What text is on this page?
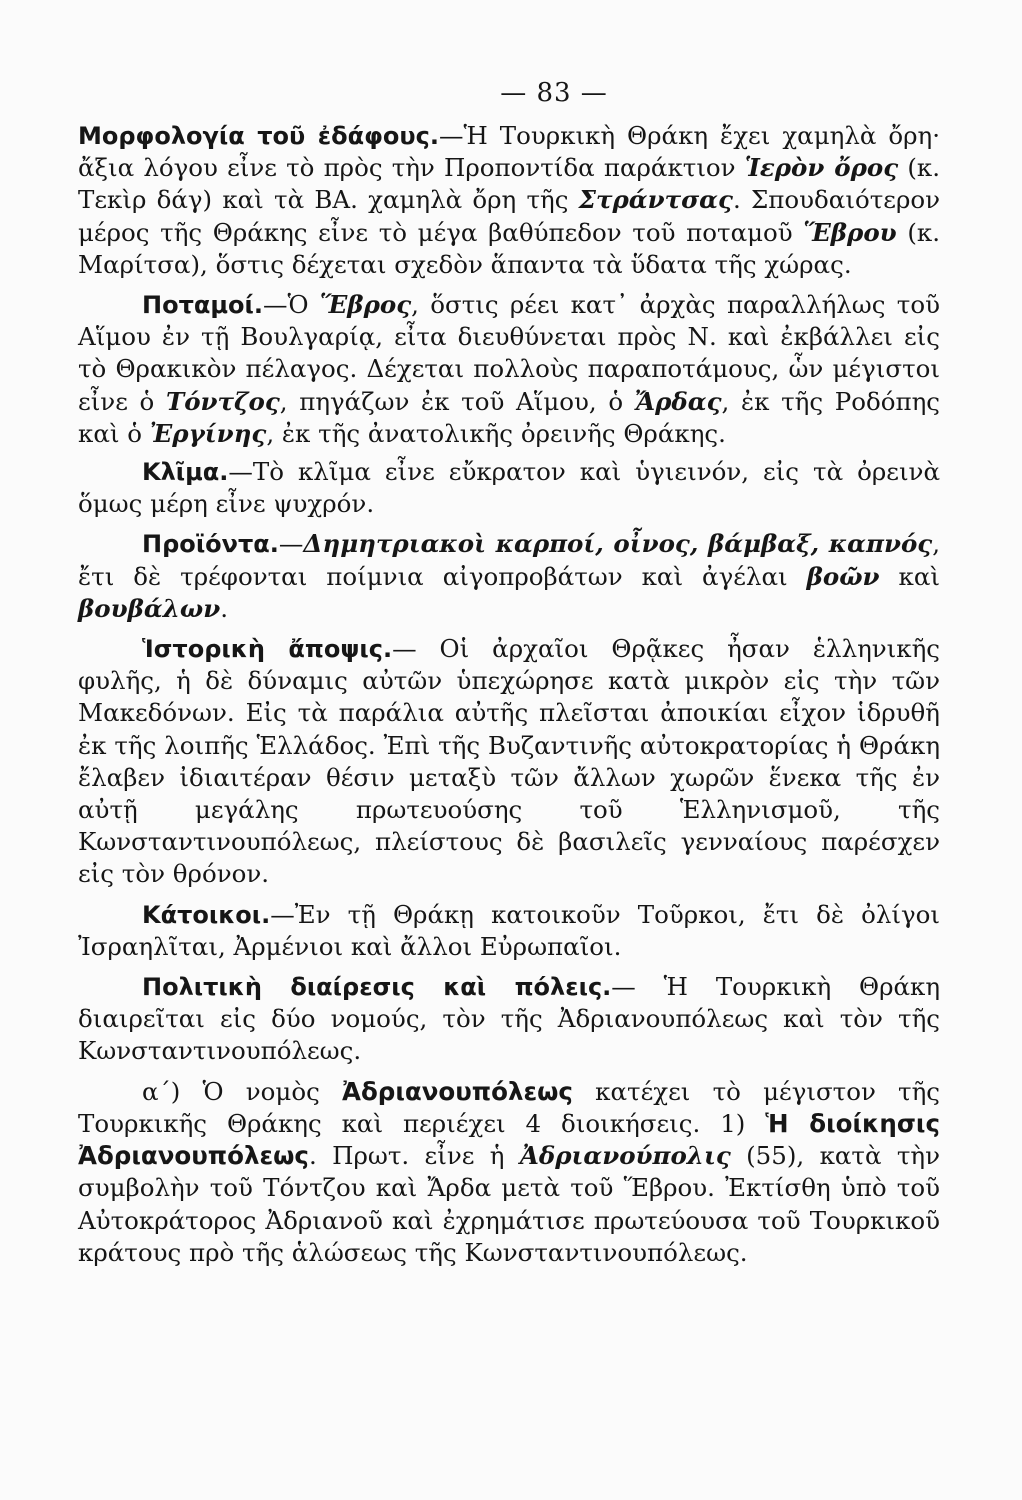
— 83 —

Μορφολογία τοῦ ἐδάφους.—Ἡ Τουρκικὴ Θράκη ἔχει χαμηλὰ ὄρη· ἄξια λόγου εἶνε τὸ πρὸς τὴν Προποντίδα παράκτιον Ἱερὸν ὄρος (κ. Τεκὶρ δάγ) καὶ τὰ ΒΑ. χαμηλὰ ὄρη τῆς Στράντσας. Σπουδαιότερον μέρος τῆς Θράκης εἶνε τὸ μέγα βαθύπεδον τοῦ ποταμοῦ Ἕβρου (κ. Μαρίτσα), ὅστις δέχεται σχεδὸν ἅπαντα τὰ ὕδατα τῆς χώρας.

Ποταμοί.—Ὁ Ἕβρος, ὅστις ρέει κατ᾽ ἀρχὰς παραλλήλως τοῦ Αἵμου ἐν τῇ Βουλγαρίᾳ, εἶτα διευθύνεται πρὸς Ν. καὶ ἐκβάλλει εἰς τὸ Θρακικὸν πέλαγος. Δέχεται πολλοὺς παραποτάμους, ὧν μέγιστοι εἶνε ὁ Τόντζος, πηγάζων ἐκ τοῦ Αἵμου, ὁ Ἄρδας, ἐκ τῆς Ροδόπης καὶ ὁ Ἐργίνης, ἐκ τῆς ἀνατολικῆς ὀρεινῆς Θράκης.

Κλῖμα.—Τὸ κλῖμα εἶνε εὔκρατον καὶ ὑγιεινόν, εἰς τὰ ὀρεινὰ ὅμως μέρη εἶνε ψυχρόν.

Προϊόντα.—Δημητριακοὶ καρποί, οἶνος, βάμβαξ, καπνός, ἔτι δὲ τρέφονται ποίμνια αἰγοπροβάτων καὶ ἀγέλαι βοῶν καὶ βουβάλων.

Ἱστορικὴ ἄποψις.— Οἱ ἀρχαῖοι Θρᾷκες ἦσαν ἑλληνικῆς φυλῆς, ἡ δὲ δύναμις αὐτῶν ὑπεχώρησε κατὰ μικρὸν εἰς τὴν τῶν Μακεδόνων. Εἰς τὰ παράλια αὐτῆς πλεῖσται ἀποικίαι εἶχον ἱδρυθῆ ἐκ τῆς λοιπῆς Ἑλλάδος. Ἐπὶ τῆς Βυζαντινῆς αὐτοκρατορίας ἡ Θράκη ἔλαβεν ἰδιαιτέραν θέσιν μεταξὺ τῶν ἄλλων χωρῶν ἕνεκα τῆς ἐν αὐτῇ μεγάλης πρωτευούσης τοῦ Ἑλληνισμοῦ, τῆς Κωνσταντινουπόλεως, πλείστους δὲ βασιλεῖς γενναίους παρέσχεν εἰς τὸν θρόνον.

Κάτοικοι.—Ἐν τῇ Θράκῃ κατοικοῦν Τοῦρκοι, ἔτι δὲ ὀλίγοι Ἰσραηλῖται, Ἀρμένιοι καὶ ἄλλοι Εὐρωπαῖοι.

Πολιτικὴ διαίρεσις καὶ πόλεις.— Ἡ Τουρκικὴ Θράκη διαιρεῖται εἰς δύο νομούς, τὸν τῆς Ἀδριανουπόλεως καὶ τὸν τῆς Κωνσταντινουπόλεως.

α´) Ὁ νομὸς Ἀδριανουπόλεως κατέχει τὸ μέγιστον τῆς Τουρκικῆς Θράκης καὶ περιέχει 4 διοικήσεις. 1) Ἡ διοίκησις Ἀδριανουπόλεως. Πρωτ. εἶνε ἡ Ἀδριανούπολις (55), κατὰ τὴν συμβολὴν τοῦ Τόντζου καὶ Ἄρδα μετὰ τοῦ Ἕβρου. Ἐκτίσθη ὑπὸ τοῦ Αὐτοκράτορος Ἀδριανοῦ καὶ ἐχρημάτισε πρωτεύουσα τοῦ Τουρκικοῦ κράτους πρὸ τῆς ἁλώσεως τῆς Κωνσταντινουπόλεως.
